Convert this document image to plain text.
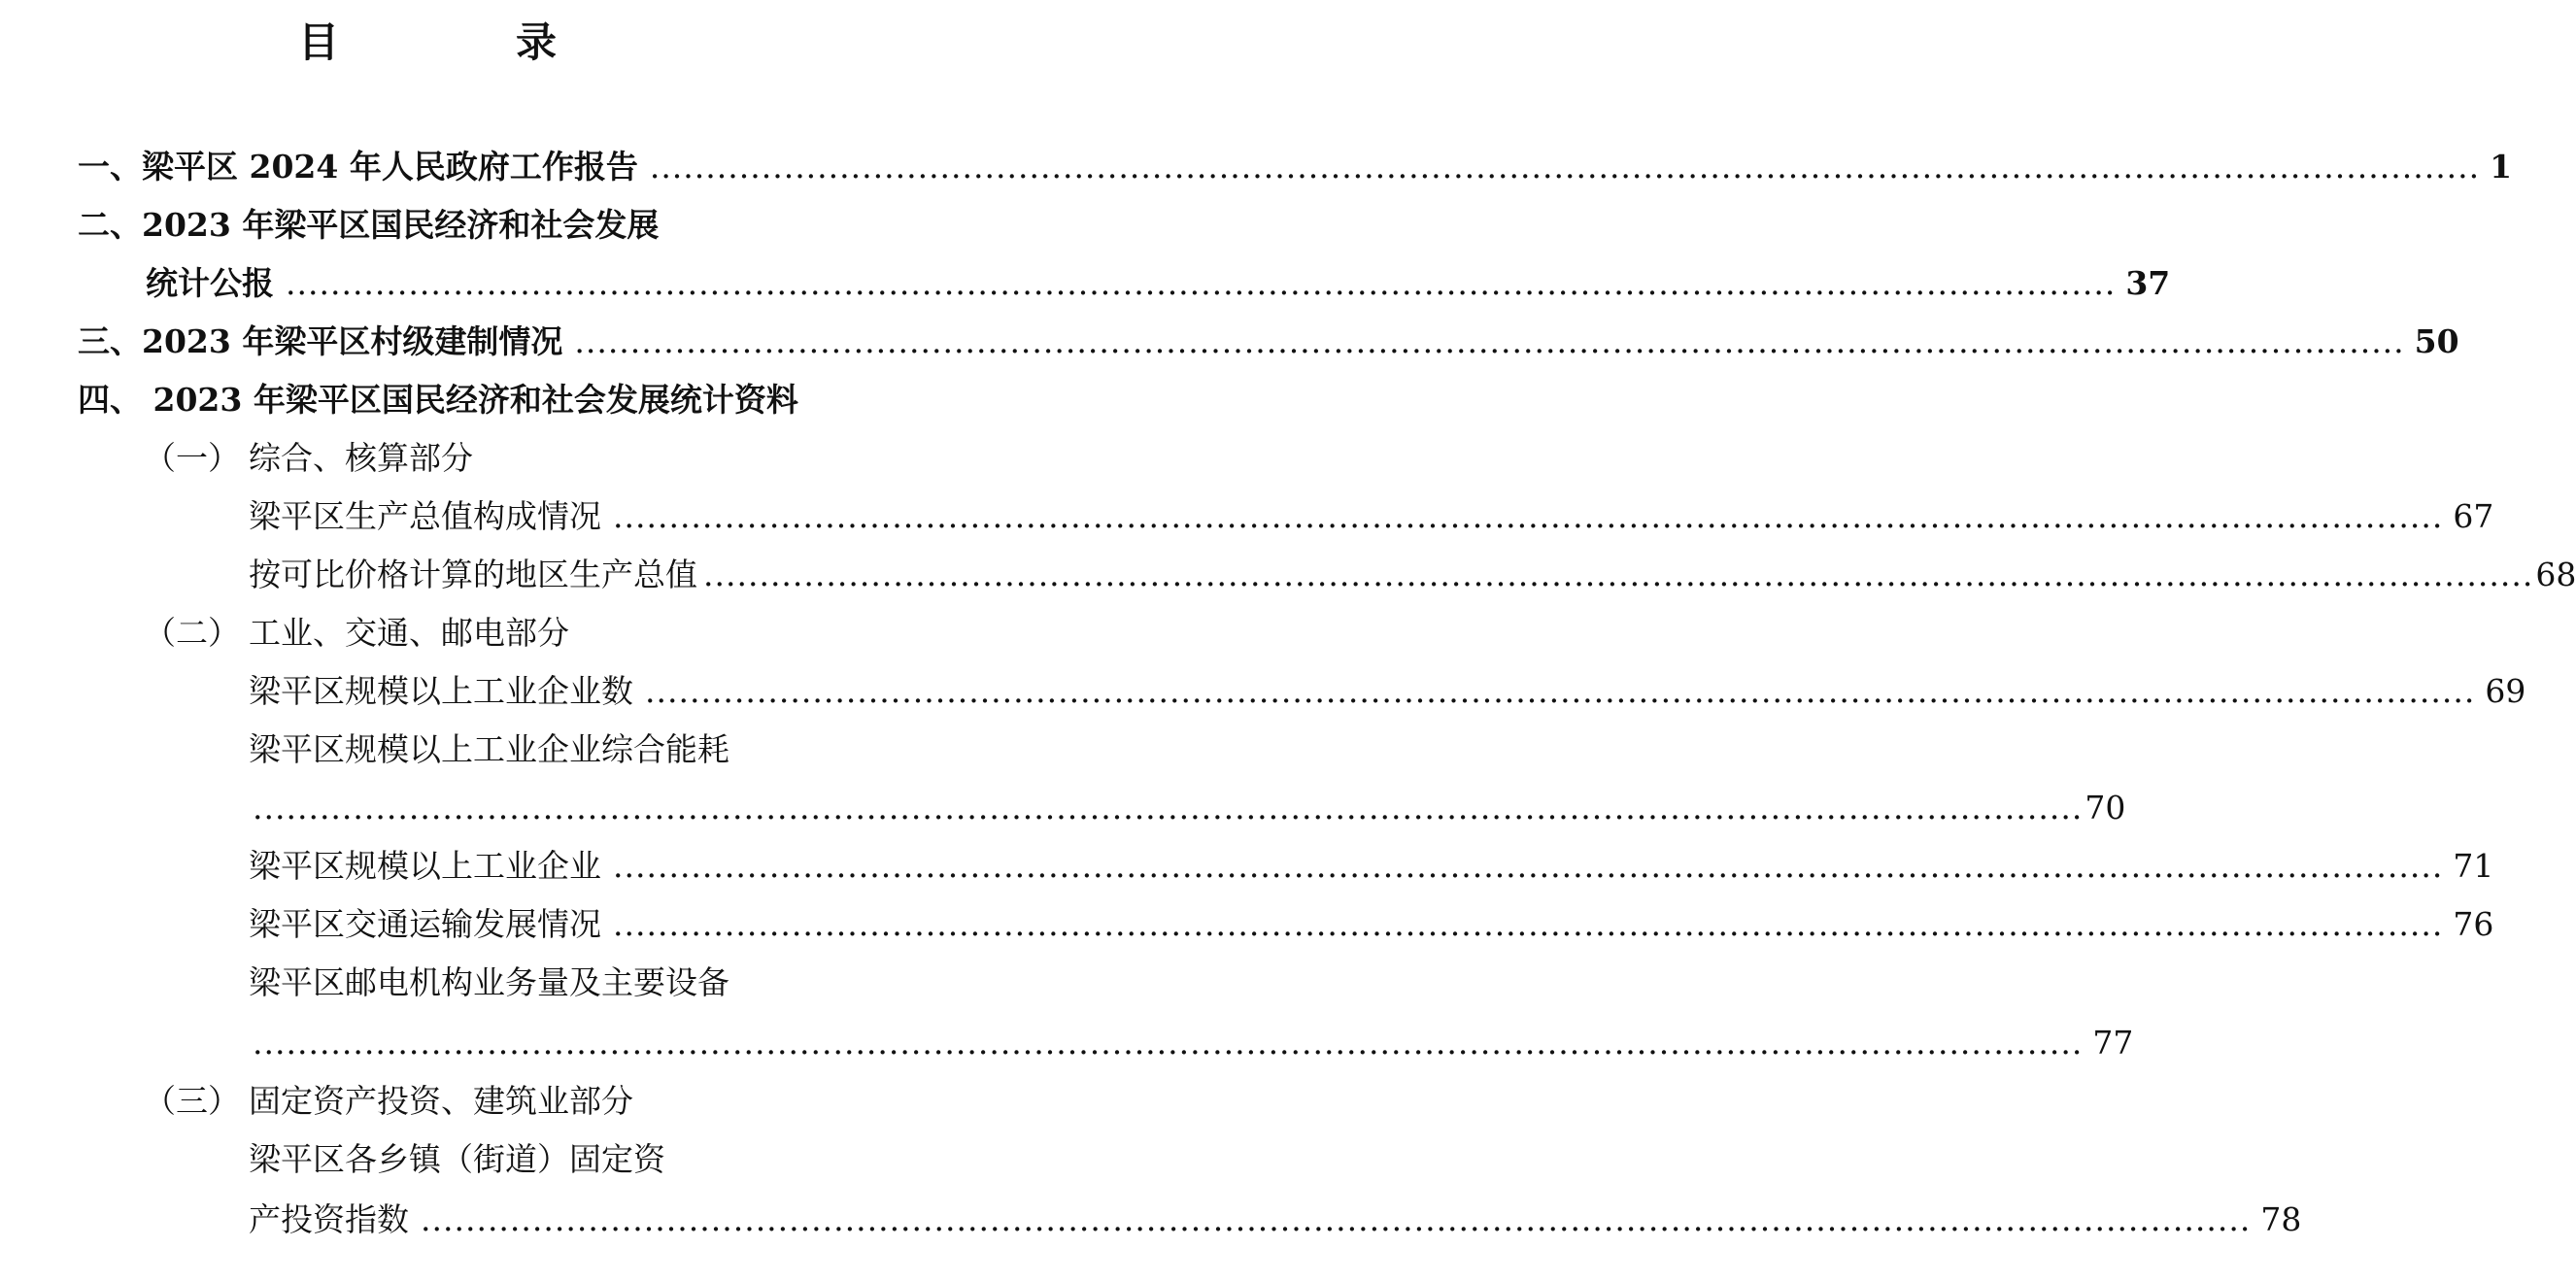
目　录
一、梁平区 2024 年人民政府工作报告 .................................................................................................................................................................... 1
二、2023 年梁平区国民经济和社会发展
统计公报 .................................................................................................................................................................... 37
三、2023 年梁平区村级建制情况 .................................................................................................................................................................... 50
四、 2023 年梁平区国民经济和社会发展统计资料
（一） 综合、核算部分
梁平区生产总值构成情况 .................................................................................................................................................................... 67
按可比价格计算的地区生产总值 .................................................................................................................................................................... 68
（二） 工业、交通、邮电部分
梁平区规模以上工业企业数 .................................................................................................................................................................... 69
梁平区规模以上工业企业综合能耗
.................................................................................................................................................................... 70
梁平区规模以上工业企业 .................................................................................................................................................................... 71
梁平区交通运输发展情况 .................................................................................................................................................................... 76
梁平区邮电机构业务量及主要设备
.................................................................................................................................................................... 77
（三） 固定资产投资、建筑业部分
梁平区各乡镇（街道）固定资
产投资指数 .................................................................................................................................................................... 78
